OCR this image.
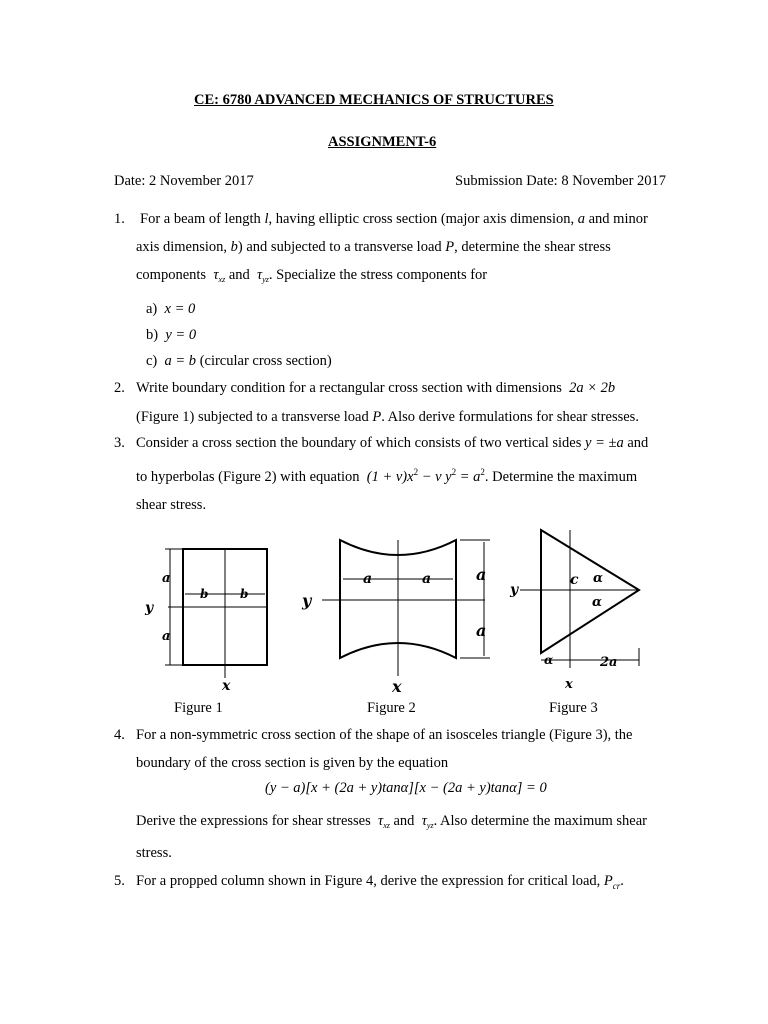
CE: 6780 ADVANCED MECHANICS OF STRUCTURES
ASSIGNMENT-6
Date: 2 November 2017	Submission Date: 8 November 2017
1. For a beam of length l, having elliptic cross section (major axis dimension, a and minor
axis dimension, b) and subjected to a transverse load P, determine the shear stress
components $\tau_{xz}$ and $\tau_{yz}$. Specialize the stress components for
a) x = 0
b) y = 0
c) a = b (circular cross section)
2. Write boundary condition for a rectangular cross section with dimensions  2a × 2b
(Figure 1) subjected to a transverse load P. Also derive formulations for shear stresses.
3. Consider a cross section the boundary of which consists of two vertical sides y = ±a and
to hyperbolas (Figure 2) with equation  $(1 + \nu)x^2 - \nu$ $y^2 = a^2$. Determine the maximum
shear stress.
a
a
y
b	b
x
a	a	a
a
y
x
y
c α
α
α	2a
x
Figure 1	Figure 2	Figure 3
4. For a non-symmetric cross section of the shape of an isosceles triangle (Figure 3), the
boundary of the cross section is given by the equation
(y − a)[x + (2a + y)tanα][x − (2a + y)tanα] = 0
Derive the expressions for shear stresses $\tau_{xz}$ and $\tau_{yz}$. Also determine the maximum shear
stress.
5. For a propped column shown in Figure 4, derive the expression for critical load, $P_{cr}$.
